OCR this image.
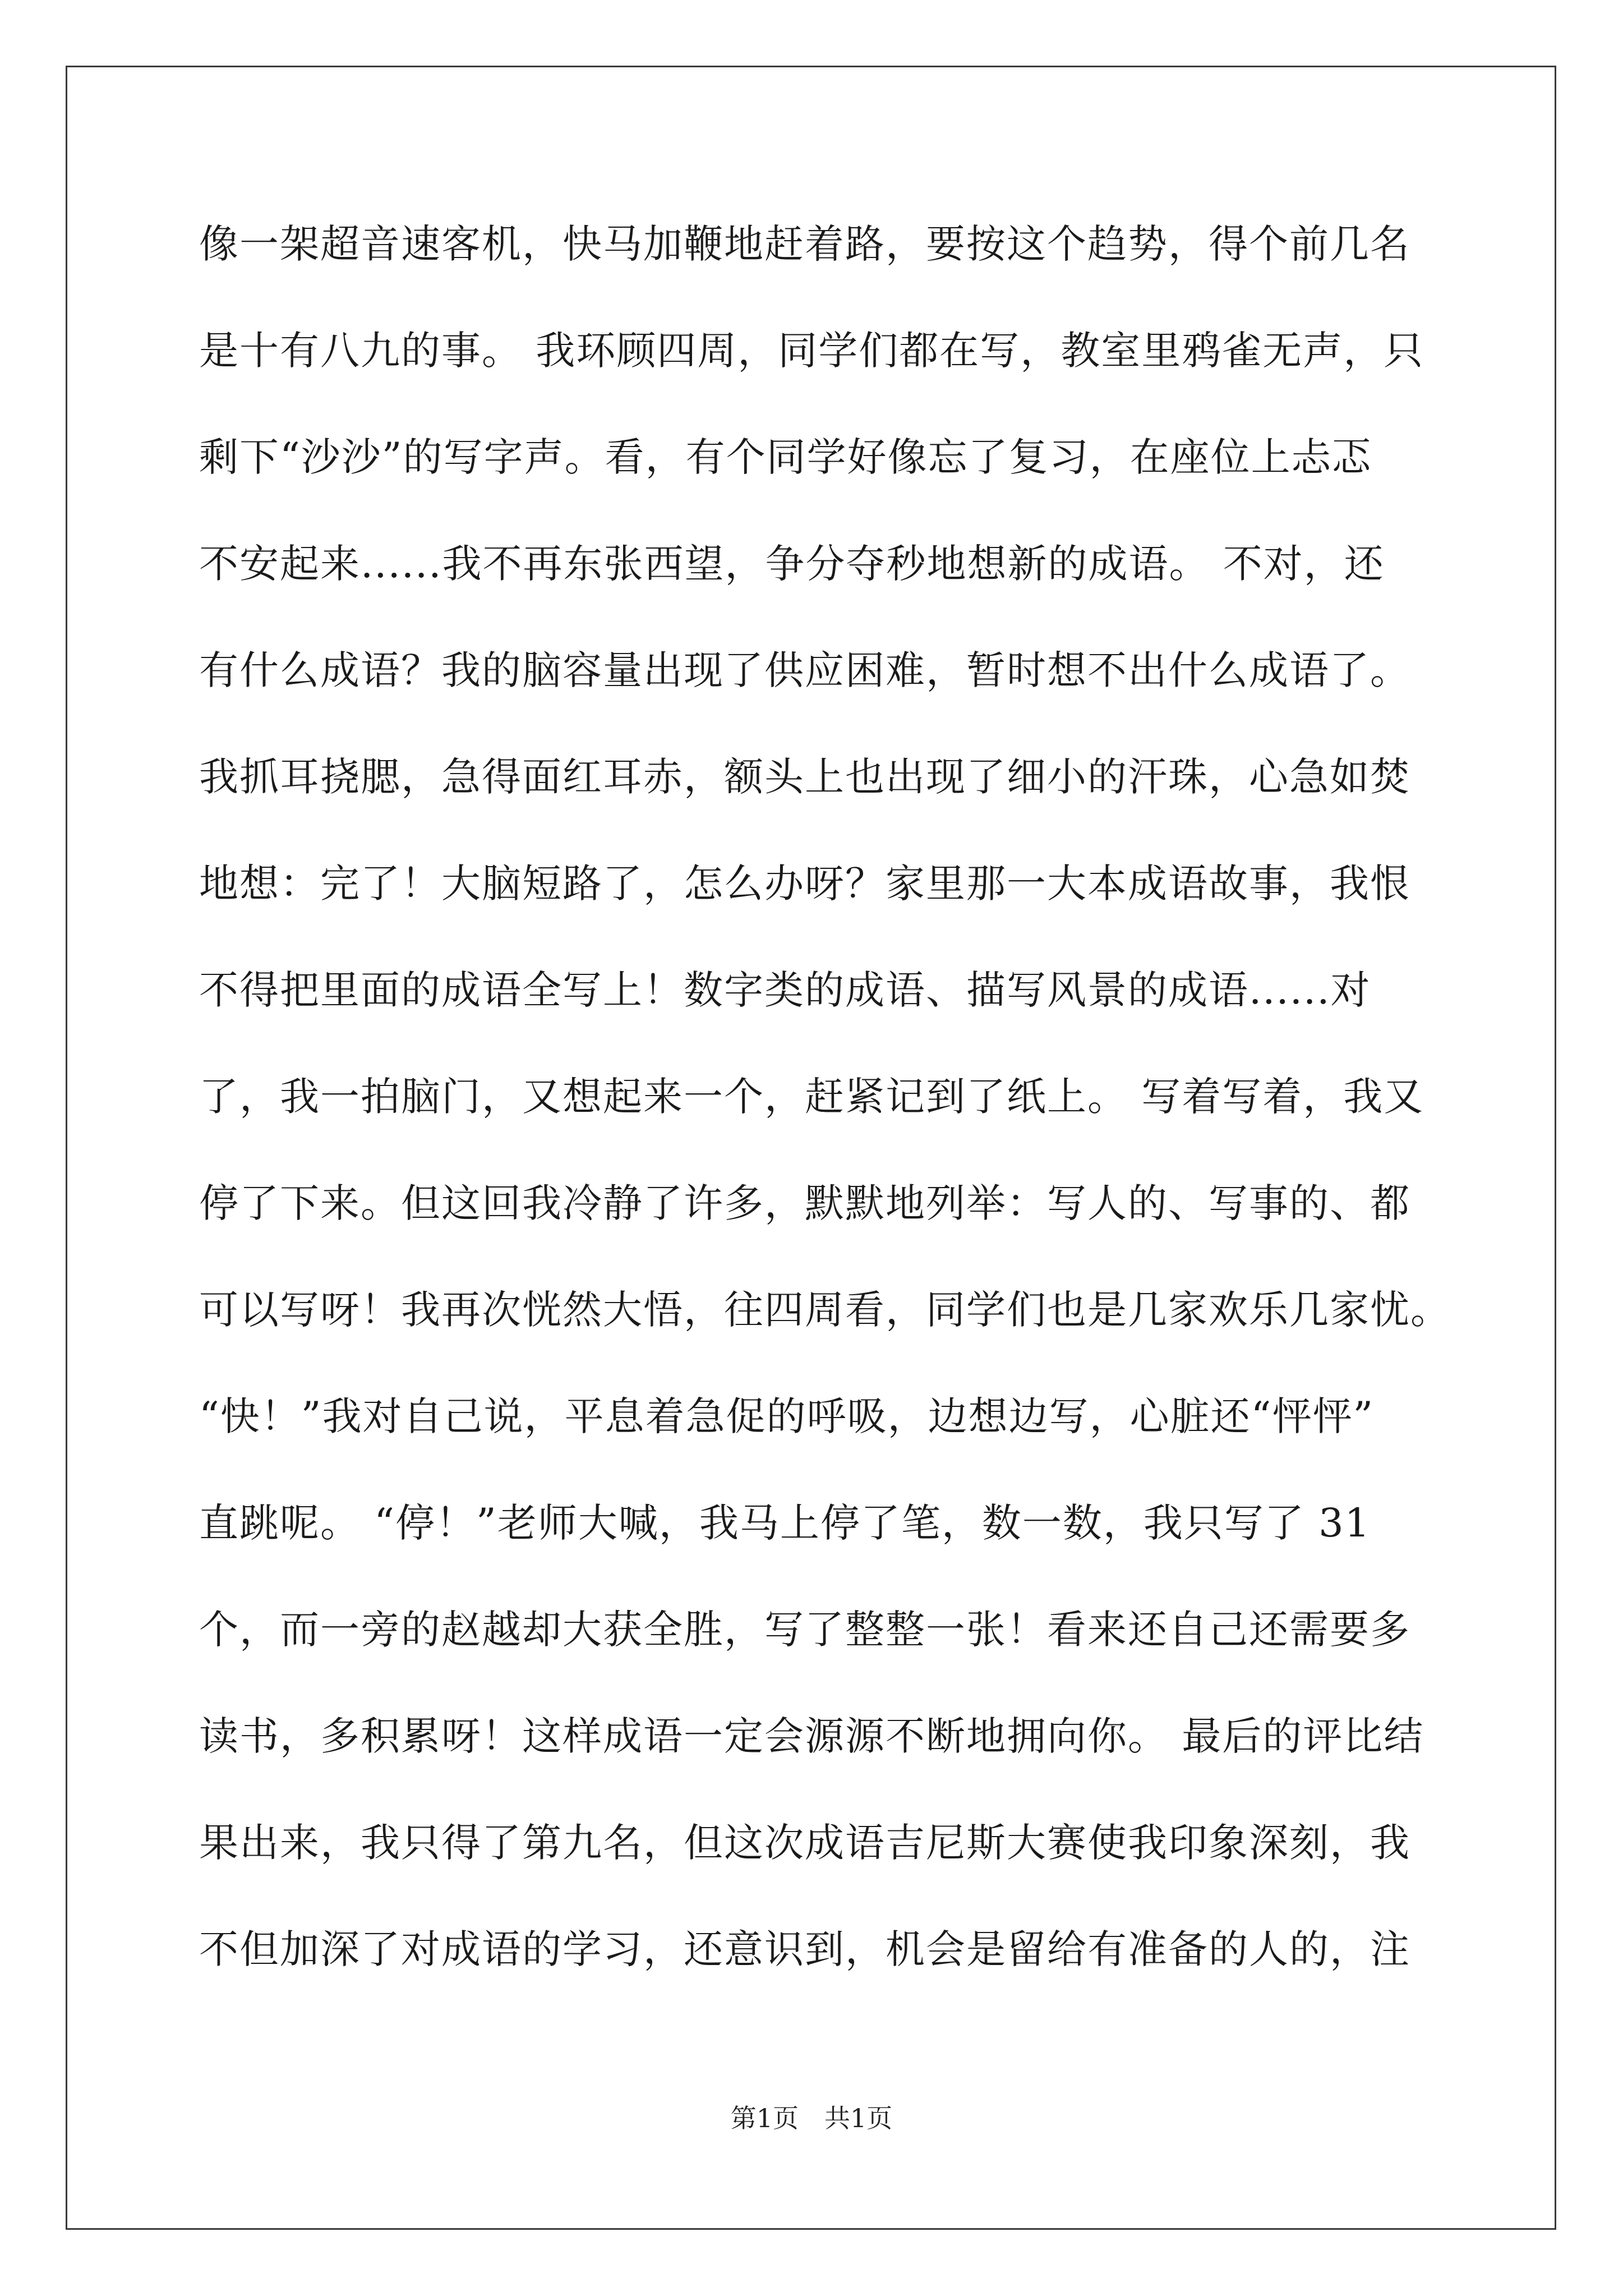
像一架超音速客机，快马加鞭地赶着路，要按这个趋势，得个前几名
是十有八九的事。 我环顾四周，同学们都在写，教室里鸦雀无声，只
剩下“沙沙”的写字声。看，有个同学好像忘了复习，在座位上忐忑
不安起来......我不再东张西望，争分夺秒地想新的成语。 不对，还
有什么成语？我的脑容量出现了供应困难，暂时想不出什么成语了。
我抓耳挠腮，急得面红耳赤，额头上也出现了细小的汗珠，心急如焚
地想：完了！大脑短路了，怎么办呀？家里那一大本成语故事，我恨
不得把里面的成语全写上！数字类的成语、描写风景的成语......对
了，我一拍脑门，又想起来一个，赶紧记到了纸上。 写着写着，我又
停了下来。但这回我冷静了许多，默默地列举：写人的、写事的、都
可以写呀！我再次恍然大悟，往四周看，同学们也是几家欢乐几家忧。
“快！”我对自己说，平息着急促的呼吸，边想边写，心脏还“怦怦”
直跳呢。 “停！”老师大喊，我马上停了笔，数一数，我只写了 31
个，而一旁的赵越却大获全胜，写了整整一张！看来还自己还需要多
读书，多积累呀！这样成语一定会源源不断地拥向你。 最后的评比结
果出来，我只得了第九名，但这次成语吉尼斯大赛使我印象深刻，我
不但加深了对成语的学习，还意识到，机会是留给有准备的人的，注
第1页　共1页
